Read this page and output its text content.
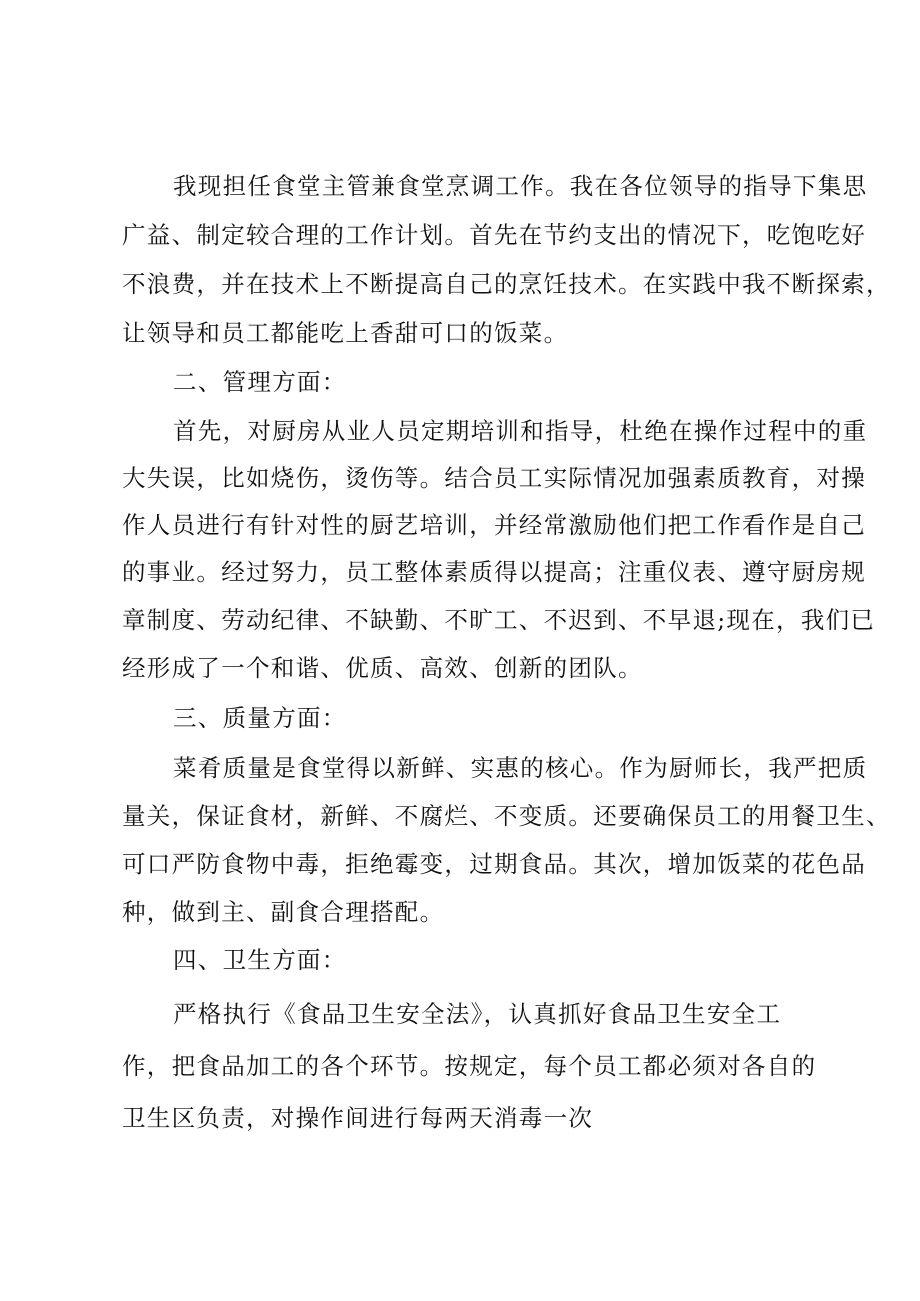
我现担任食堂主管兼食堂烹调工作。我在各位领导的指导下集思

广益、制定较合理的工作计划。首先在节约支出的情况下，吃饱吃好

不浪费，并在技术上不断提高自己的烹饪技术。在实践中我不断探索，

让领导和员工都能吃上香甜可口的饭菜。

二、管理方面：

首先，对厨房从业人员定期培训和指导，杜绝在操作过程中的重

大失误，比如烧伤，烫伤等。结合员工实际情况加强素质教育，对操

作人员进行有针对性的厨艺培训，并经常激励他们把工作看作是自己

的事业。经过努力，员工整体素质得以提高；注重仪表、遵守厨房规

章制度、劳动纪律、不缺勤、不旷工、不迟到、不早退;现在，我们已

经形成了一个和谐、优质、高效、创新的团队。

三、质量方面：

菜肴质量是食堂得以新鲜、实惠的核心。作为厨师长，我严把质

量关，保证食材，新鲜、不腐烂、不变质。还要确保员工的用餐卫生、

可口严防食物中毒，拒绝霉变，过期食品。其次，增加饭菜的花色品

种，做到主、副食合理搭配。

四、卫生方面：

严格执行《食品卫生安全法》，认真抓好食品卫生安全工

作，把食品加工的各个环节。按规定，每个员工都必须对各自的

卫生区负责，对操作间进行每两天消毒一次
